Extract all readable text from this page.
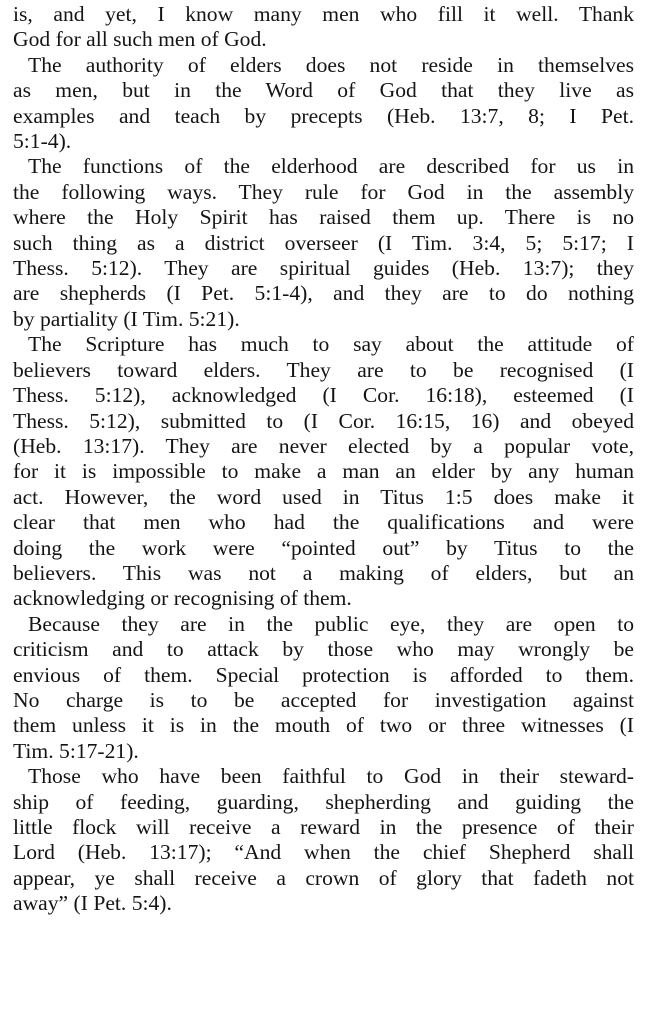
is, and yet, I know many men who fill it well. Thank
God for all such men of God.
The authority of elders does not reside in themselves
as men, but in the Word of God that they live as
examples and teach by precepts (Heb. 13:7, 8; I Pet.
5:1-4).
The functions of the elderhood are described for us in
the following ways. They rule for God in the assembly
where the Holy Spirit has raised them up. There is no
such thing as a district overseer (I Tim. 3:4, 5; 5:17; I
Thess. 5:12). They are spiritual guides (Heb. 13:7); they
are shepherds (I Pet. 5:1-4), and they are to do nothing
by partiality (I Tim. 5:21).
The Scripture has much to say about the attitude of
believers toward elders. They are to be recognised (I
Thess. 5:12), acknowledged (I Cor. 16:18), esteemed (I
Thess. 5:12), submitted to (I Cor. 16:15, 16) and obeyed
(Heb. 13:17). They are never elected by a popular vote,
for it is impossible to make a man an elder by any human
act. However, the word used in Titus 1:5 does make it
clear that men who had the qualifications and were
doing the work were “pointed out” by Titus to the
believers. This was not a making of elders, but an
acknowledging or recognising of them.
Because they are in the public eye, they are open to
criticism and to attack by those who may wrongly be
envious of them. Special protection is afforded to them.
No charge is to be accepted for investigation against
them unless it is in the mouth of two or three witnesses (I
Tim. 5:17-21).
Those who have been faithful to God in their steward-
ship of feeding, guarding, shepherding and guiding the
little flock will receive a reward in the presence of their
Lord (Heb. 13:17); “And when the chief Shepherd shall
appear, ye shall receive a crown of glory that fadeth not
away” (I Pet. 5:4).
